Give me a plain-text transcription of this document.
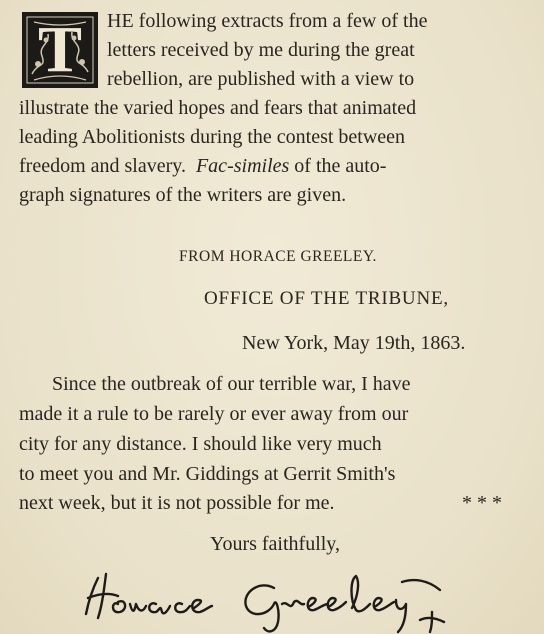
T	HE following extracts from a few of the
letters received by me during the great
rebellion, are published with a view to
illustrate the varied hopes and fears that animated
leading Abolitionists during the contest between
freedom and slavery. Fac-similes of the auto-
graph signatures of the writers are given.
FROM HORACE GREELEY.
OFFICE OF THE TRIBUNE,
New York, May 19th, 1863.
Since the outbreak of our terrible war, I have
made it a rule to be rarely or ever away from our
city for any distance. I should like very much
to meet you and Mr. Giddings at Gerrit Smith's
next week, but it is not possible for me.	* * *
Yours faithfully,
